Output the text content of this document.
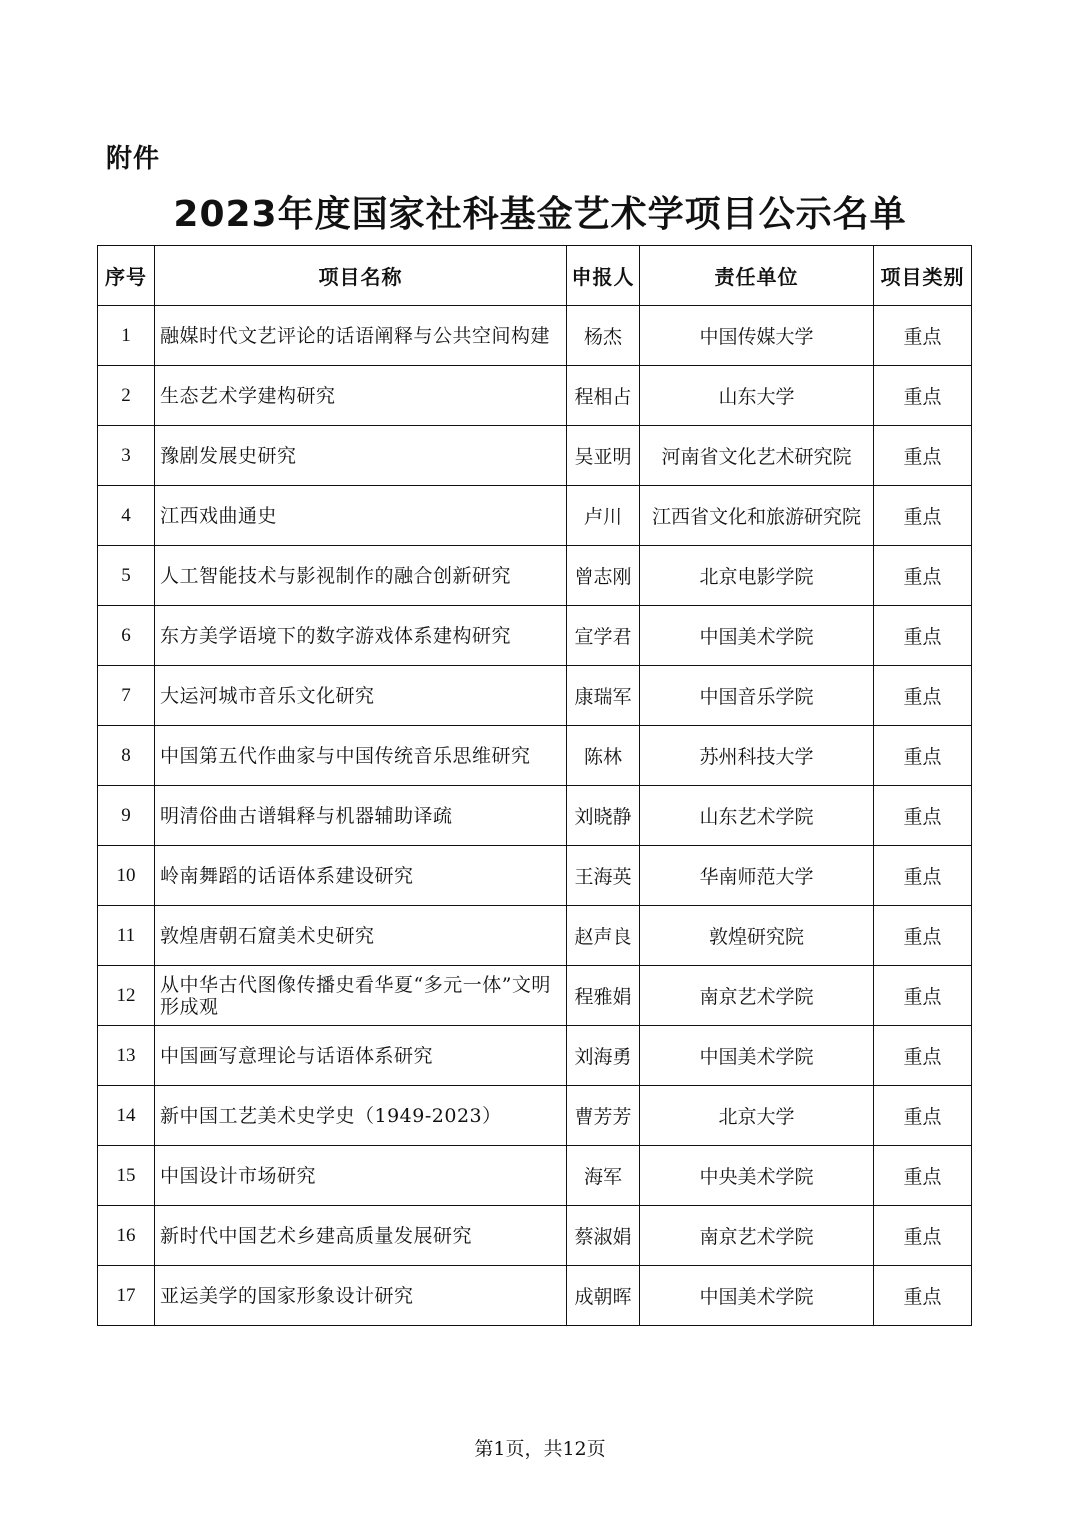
附件
2023年度国家社科基金艺术学项目公示名单
序号	项目名称	申报人	责任单位	项目类别
1	融媒时代文艺评论的话语阐释与公共空间构建	杨杰	中国传媒大学	重点
2	生态艺术学建构研究	程相占	山东大学	重点
3	豫剧发展史研究	吴亚明	河南省文化艺术研究院	重点
4	江西戏曲通史	卢川	江西省文化和旅游研究院	重点
5	人工智能技术与影视制作的融合创新研究	曾志刚	北京电影学院	重点
6	东方美学语境下的数字游戏体系建构研究	宣学君	中国美术学院	重点
7	大运河城市音乐文化研究	康瑞军	中国音乐学院	重点
8	中国第五代作曲家与中国传统音乐思维研究	陈林	苏州科技大学	重点
9	明清俗曲古谱辑释与机器辅助译疏	刘晓静	山东艺术学院	重点
10	岭南舞蹈的话语体系建设研究	王海英	华南师范大学	重点
11	敦煌唐朝石窟美术史研究	赵声良	敦煌研究院	重点
12	从中华古代图像传播史看华夏“多元一体”文明形成观	程雅娟	南京艺术学院	重点
13	中国画写意理论与话语体系研究	刘海勇	中国美术学院	重点
14	新中国工艺美术史学史（1949-2023）	曹芳芳	北京大学	重点
15	中国设计市场研究	海军	中央美术学院	重点
16	新时代中国艺术乡建高质量发展研究	蔡淑娟	南京艺术学院	重点
17	亚运美学的国家形象设计研究	成朝晖	中国美术学院	重点
第1页，共12页
